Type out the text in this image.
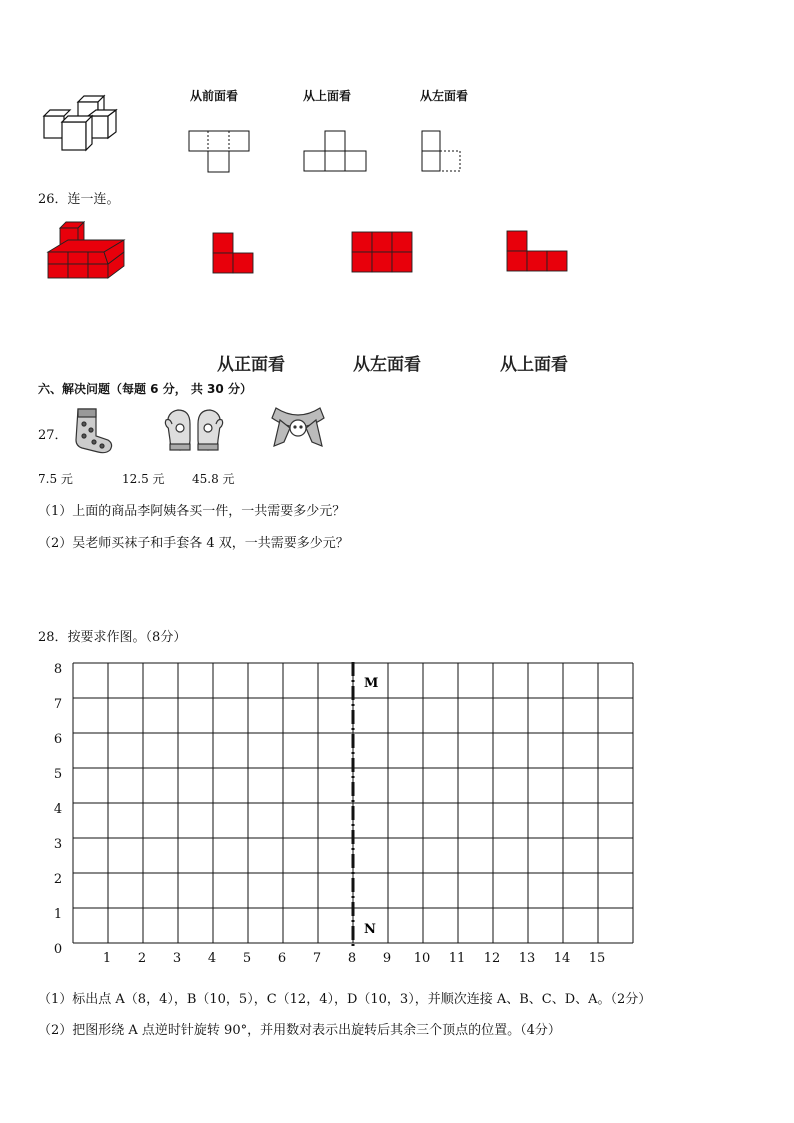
从前面看	从上面看	从左面看
26．连一连。
从正面看	从左面看	从上面看
六、解决问题（每题 6 分， 共 30 分）
27．
7.5 元	12.5 元 45.8 元
（1）上面的商品李阿姨各买一件，一共需要多少元？
（2）吴老师买袜子和手套各 4 双，一共需要多少元？
28．按要求作图。（8分）
1 2 3 4 5 6 7 8 9 10 11 12 13 14 15
0
1
2
3
4
5
6
7
8
M
N
（1）标出点 A（8，4），B（10，5），C（12，4），D（10，3），并顺次连接 A、B、C、D、A。（2分）
（2）把图形绕 A 点逆时针旋转 90°，并用数对表示出旋转后其余三个顶点的位置。（4分）
